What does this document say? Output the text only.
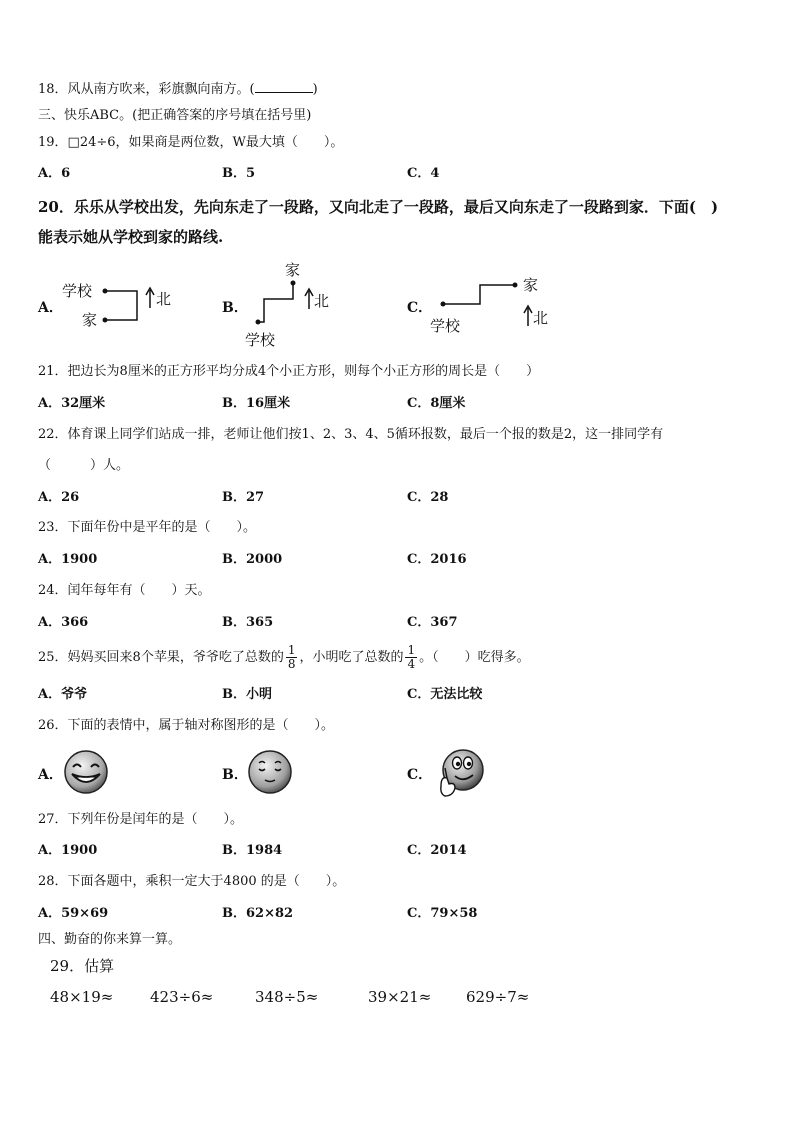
18．风从南方吹来，彩旗飘向南方。(	)
三、快乐ABC。(把正确答案的序号填在括号里)
19．□24÷6，如果商是两位数，W最大填（　　）。
A．6	B．5	C．4
20．乐乐从学校出发，先向东走了一段路，又向北走了一段路，最后又向东走了一段路到家．下面(　)
能表示她从学校到家的路线.
A．	B．	C．
学校
家
北
家
学校
北
家
学校	北
21．把边长为8厘米的正方形平均分成4个小正方形，则每个小正方形的周长是（　　）
A．32厘米	B．16厘米	C．8厘米
22．体育课上同学们站成一排，老师让他们按1、2、3、4、5循环报数，最后一个报的数是2，这一排同学有
（　　　）人。
A．26	B．27	C．28
23．下面年份中是平年的是（　　）。
A．1900	B．2000	C．2016
24．闰年每年有（　　）天。
A．366	B．365	C．367
25．妈妈买回来8个苹果，爷爷吃了总数的 $\frac{1}{8}$ ，小明吃了总数的 $\frac{1}{4}$ 。（　　）吃得多。
A．爷爷	B．小明	C．无法比较
26．下面的表情中，属于轴对称图形的是（　　）。
A．	B．	C．
27．下列年份是闰年的是（　　）。
A．1900	B．1984	C．2014
28．下面各题中，乘积一定大于4800 的是（　　）。
A．59×69	B．62×82	C．79×58
四、勤奋的你来算一算。
29．估算
48×19≈ 423÷6≈	348÷5≈	39×21≈ 629÷7≈
